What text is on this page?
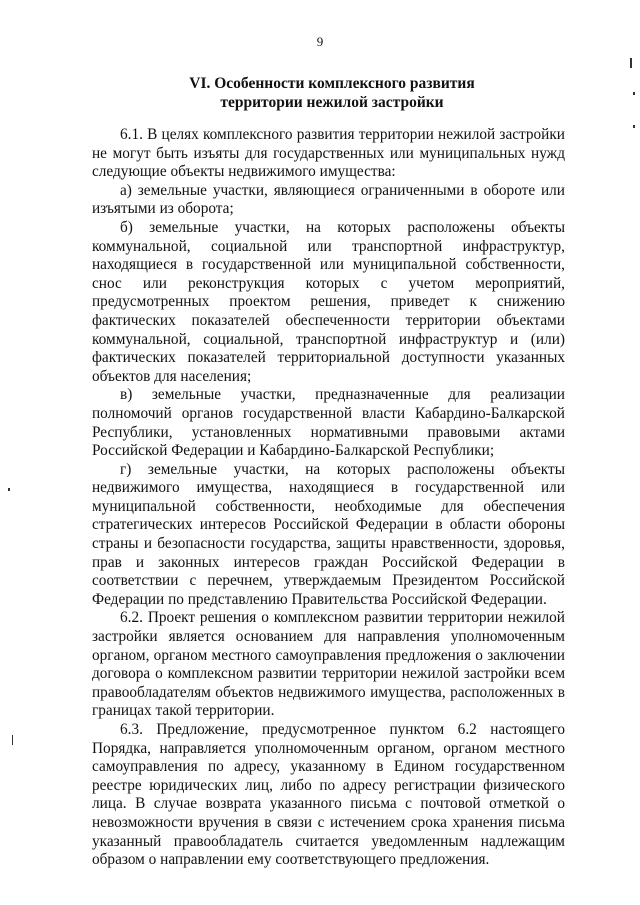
9

VI. Особенности комплексного развития
территории нежилой застройки

6.1. В целях комплексного развития территории нежилой застройки не могут быть изъяты для государственных или муниципальных нужд следующие объекты недвижимого имущества:

а) земельные участки, являющиеся ограниченными в обороте или изъятыми из оборота;

б) земельные участки, на которых расположены объекты коммунальной, социальной или транспортной инфраструктур, находящиеся в государственной или муниципальной собственности, снос или реконструкция которых с учетом мероприятий, предусмотренных проектом решения, приведет к снижению фактических показателей обеспеченности территории объектами коммунальной, социальной, транспортной инфраструктур и (или) фактических показателей территориальной доступности указанных объектов для населения;

в) земельные участки, предназначенные для реализации полномочий органов государственной власти Кабардино-Балкарской Республики, установленных нормативными правовыми актами Российской Федерации и Кабардино-Балкарской Республики;

г) земельные участки, на которых расположены объекты недвижимого имущества, находящиеся в государственной или муниципальной собственности, необходимые для обеспечения стратегических интересов Российской Федерации в области обороны страны и безопасности государства, защиты нравственности, здоровья, прав и законных интересов граждан Российской Федерации в соответствии с перечнем, утверждаемым Президентом Российской Федерации по представлению Правительства Российской Федерации.

6.2. Проект решения о комплексном развитии территории нежилой застройки является основанием для направления уполномоченным органом, органом местного самоуправления предложения о заключении договора о комплексном развитии территории нежилой застройки всем правообладателям объектов недвижимого имущества, расположенных в границах такой территории.

6.3. Предложение, предусмотренное пунктом 6.2 настоящего Порядка, направляется уполномоченным органом, органом местного самоуправления по адресу, указанному в Едином государственном реестре юридических лиц, либо по адресу регистрации физического лица. В случае возврата указанного письма с почтовой отметкой о невозможности вручения в связи с истечением срока хранения письма указанный правообладатель считается уведомленным надлежащим образом о направлении ему соответствующего предложения.
